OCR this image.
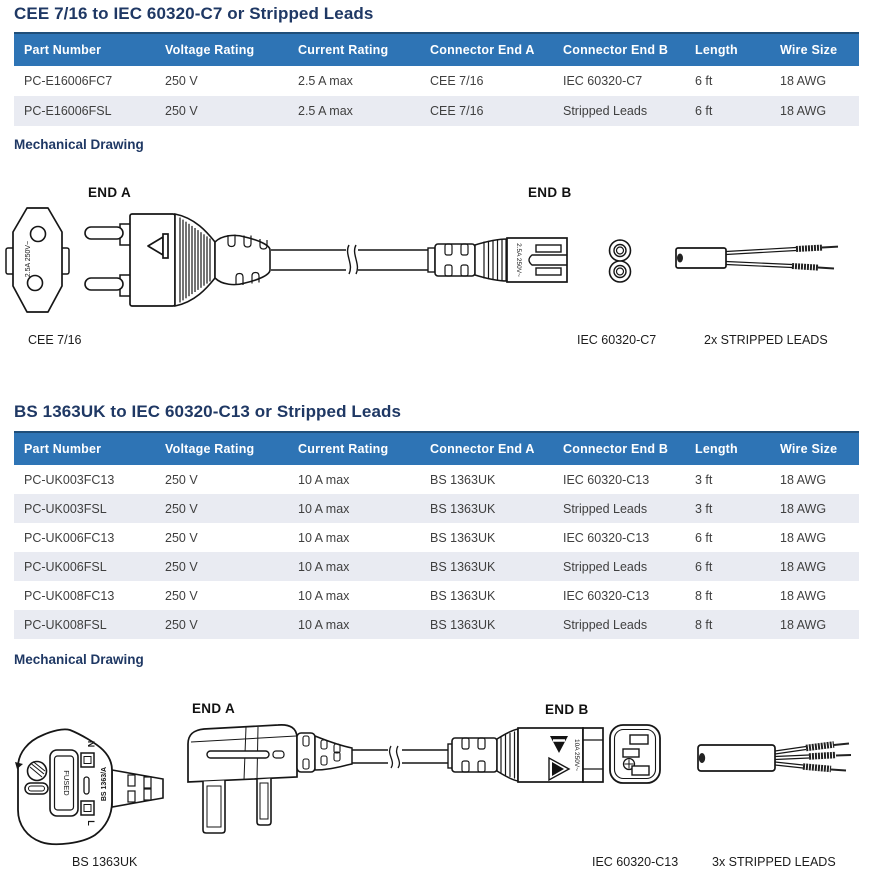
CEE 7/16 to IEC 60320-C7 or Stripped Leads
Part Number	Voltage Rating	Current Rating	Connector End A	Connector End B	Length	Wire Size
PC-E16006FC7	250 V	2.5 A max	CEE 7/16	IEC 60320-C7	6 ft	18 AWG
PC-E16006FSL	250 V	2.5 A max	CEE 7/16	Stripped Leads	6 ft	18 AWG
Mechanical Drawing
2.5A 250V~	2.5A 250V~
END A	END B
CEE 7/16	IEC 60320-C7	2x STRIPPED LEADS
BS 1363UK to IEC 60320-C13 or Stripped Leads
Part Number	Voltage Rating	Current Rating	Connector End A	Connector End B	Length	Wire Size
PC-UK003FC13	250 V	10 A max	BS 1363UK	IEC 60320-C13	3 ft	18 AWG
PC-UK003FSL	250 V	10 A max	BS 1363UK	Stripped Leads	3 ft	18 AWG
PC-UK006FC13	250 V	10 A max	BS 1363UK	IEC 60320-C13	6 ft	18 AWG
PC-UK006FSL	250 V	10 A max	BS 1363UK	Stripped Leads	6 ft	18 AWG
PC-UK008FC13	250 V	10 A max	BS 1363UK	IEC 60320-C13	8 ft	18 AWG
PC-UK008FSL	250 V	10 A max	BS 1363UK	Stripped Leads	8 ft	18 AWG
Mechanical Drawing
FUSED
N
L
BS 1363/A
10A 250V~
END A	END B
BS 1363UK	IEC 60320-C13	3x STRIPPED LEADS
